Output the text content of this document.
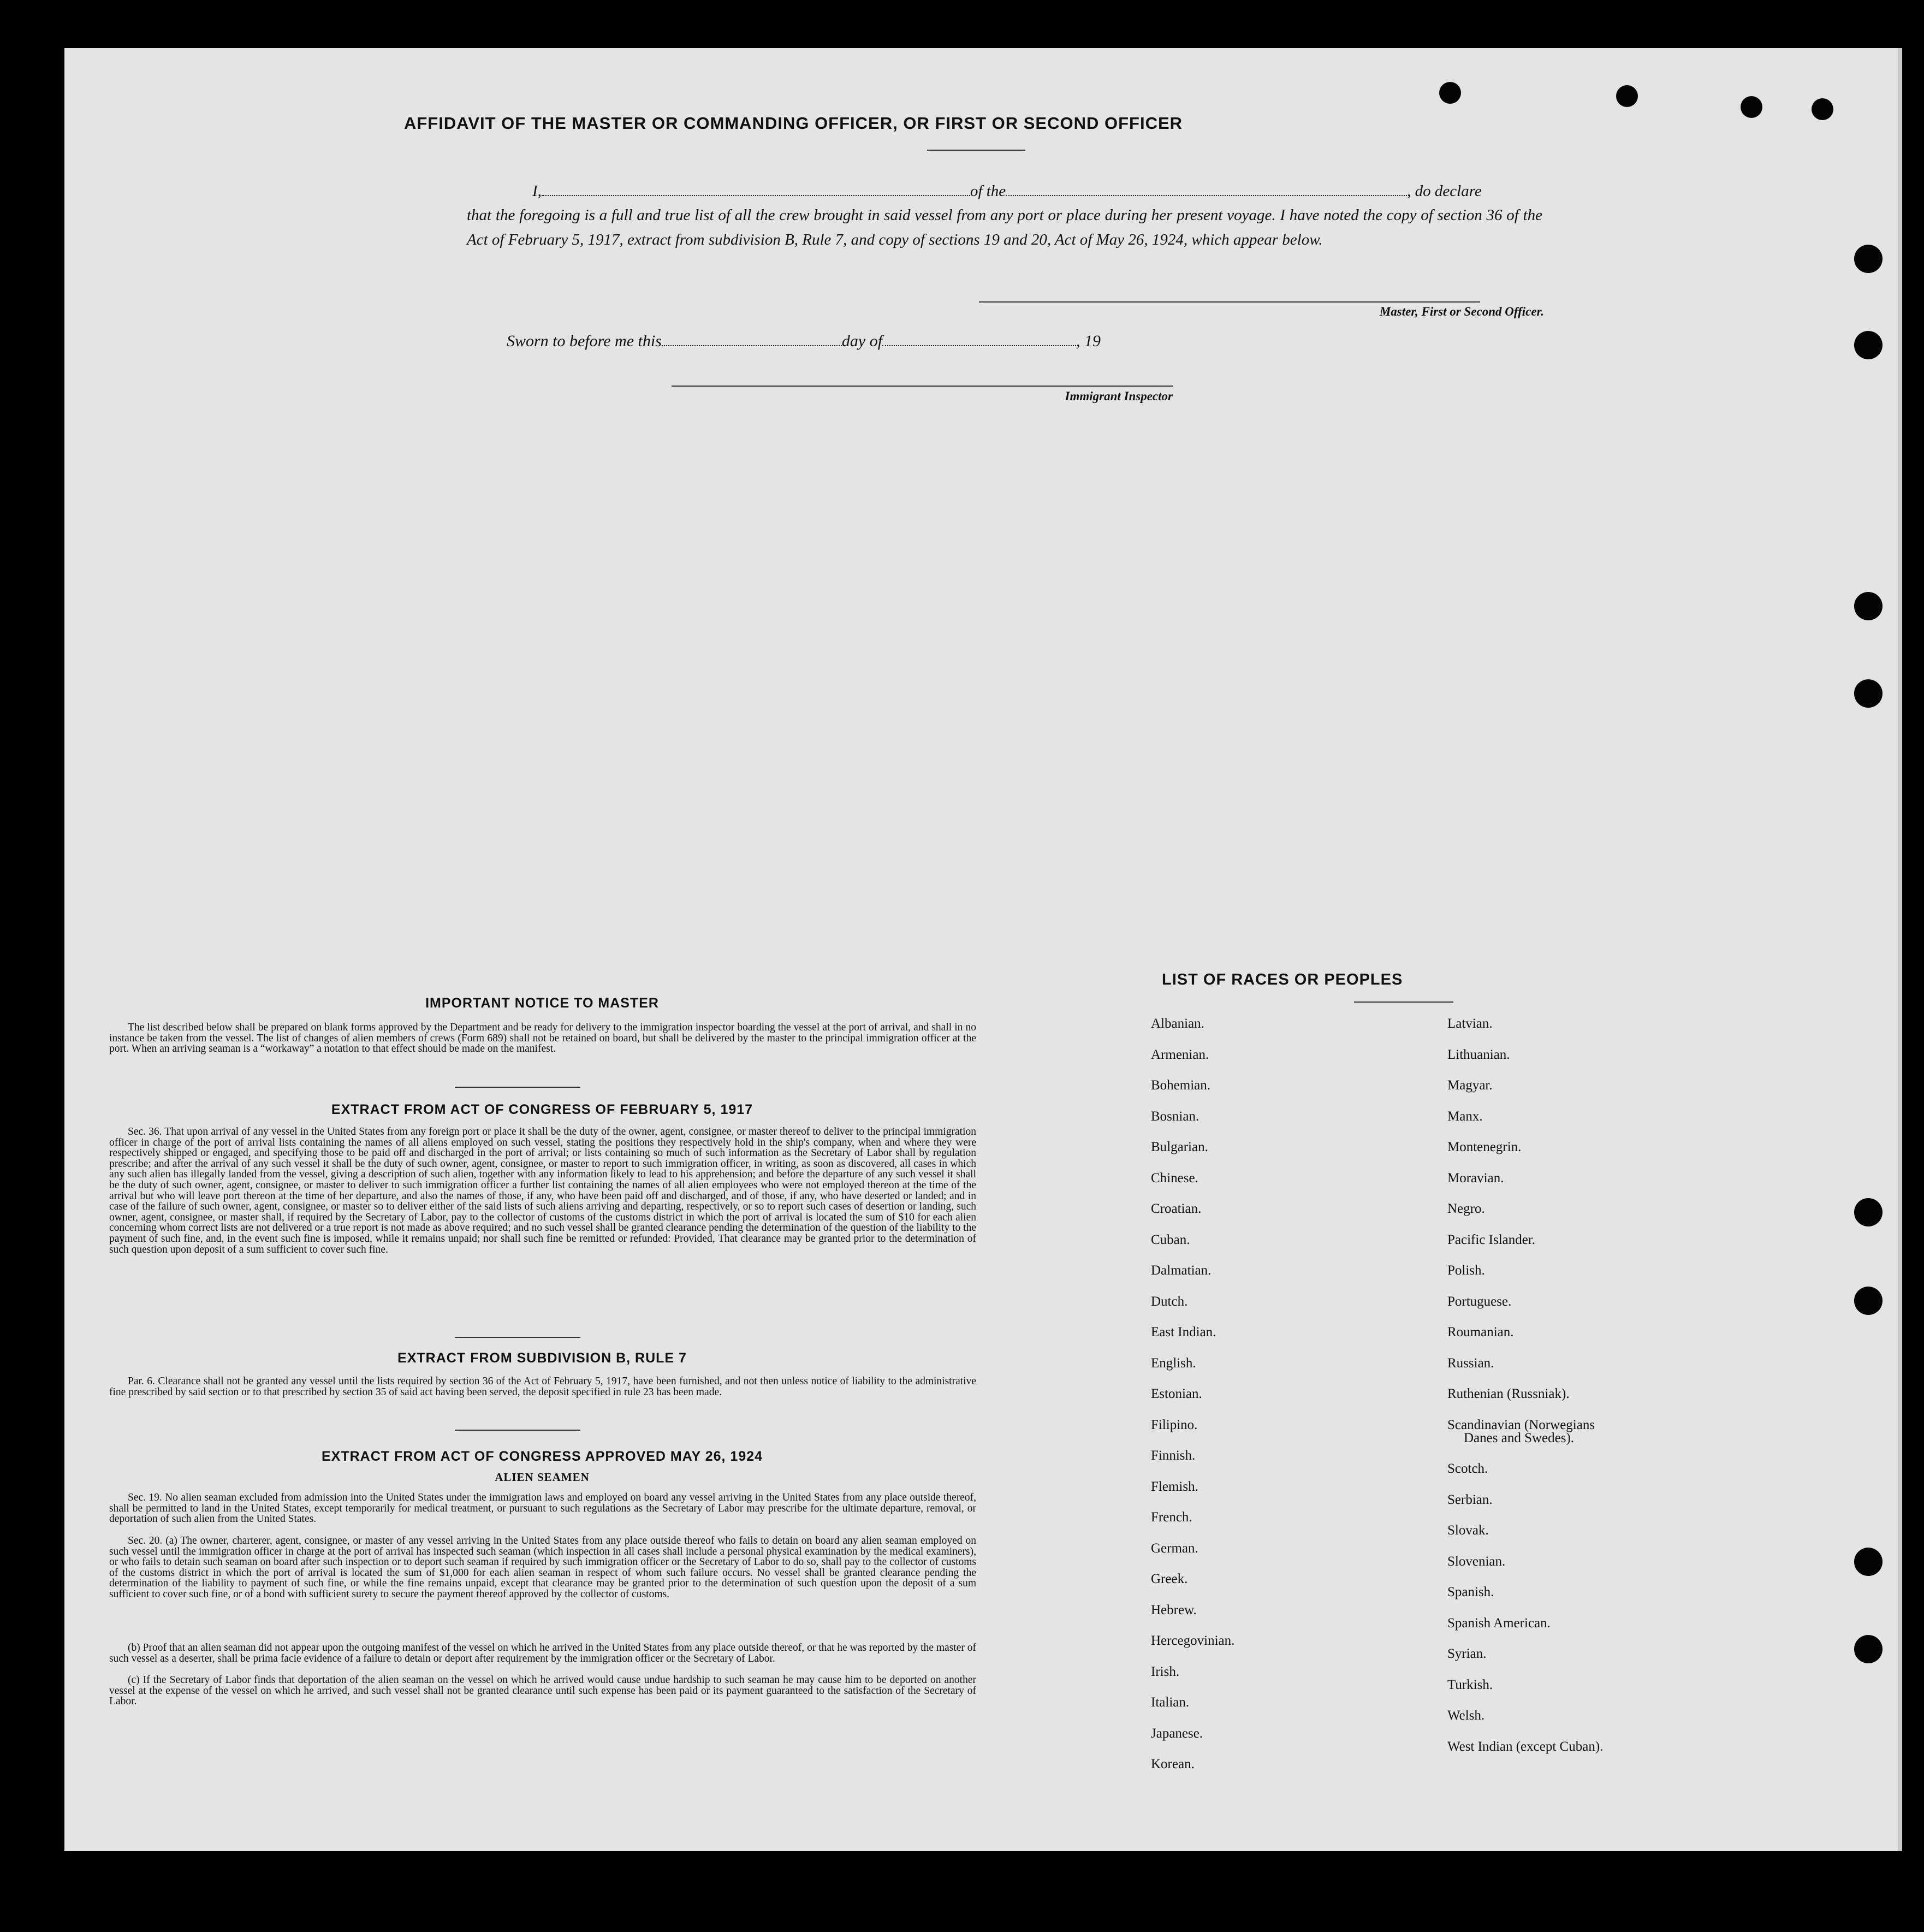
AFFIDAVIT OF THE MASTER OR COMMANDING OFFICER, OR FIRST OR SECOND OFFICER
I,	of the	, do declare
that the foregoing is a full and true list of all the crew brought in said vessel from any port or place during her present voyage. I have noted the copy of section 36 of the Act of February 5, 1917, extract from subdivision B, Rule 7, and copy of sections 19 and 20, Act of May 26, 1924, which appear below.
Master, First or Second Officer.
Sworn to before me this	day of	, 19
Immigrant Inspector
IMPORTANT NOTICE TO MASTER
The list described below shall be prepared on blank forms approved by the Department and be ready for delivery to the immigration inspector boarding the vessel at the port of arrival, and shall in no instance be taken from the vessel. The list of changes of alien members of crews (Form 689) shall not be retained on board, but shall be delivered by the master to the principal immigration officer at the port. When an arriving seaman is a “workaway” a notation to that effect should be made on the manifest.
EXTRACT FROM ACT OF CONGRESS OF FEBRUARY 5, 1917
Sec. 36. That upon arrival of any vessel in the United States from any foreign port or place it shall be the duty of the owner, agent, consignee, or master thereof to deliver to the principal immigration officer in charge of the port of arrival lists containing the names of all aliens employed on such vessel, stating the positions they respectively hold in the ship's company, when and where they were respectively shipped or engaged, and specifying those to be paid off and discharged in the port of arrival; or lists containing so much of such information as the Secretary of Labor shall by regulation prescribe; and after the arrival of any such vessel it shall be the duty of such owner, agent, consignee, or master to report to such immigration officer, in writing, as soon as discovered, all cases in which any such alien has illegally landed from the vessel, giving a description of such alien, together with any information likely to lead to his apprehension; and before the departure of any such vessel it shall be the duty of such owner, agent, consignee, or master to deliver to such immigration officer a further list containing the names of all alien employees who were not employed thereon at the time of the arrival but who will leave port thereon at the time of her departure, and also the names of those, if any, who have been paid off and discharged, and of those, if any, who have deserted or landed; and in case of the failure of such owner, agent, consignee, or master so to deliver either of the said lists of such aliens arriving and departing, respectively, or so to report such cases of desertion or landing, such owner, agent, consignee, or master shall, if required by the Secretary of Labor, pay to the collector of customs of the customs district in which the port of arrival is located the sum of $10 for each alien concerning whom correct lists are not delivered or a true report is not made as above required; and no such vessel shall be granted clearance pending the determination of the question of the liability to the payment of such fine, and, in the event such fine is imposed, while it remains unpaid; nor shall such fine be remitted or refunded: Provided, That clearance may be granted prior to the determination of such question upon deposit of a sum sufficient to cover such fine.
EXTRACT FROM SUBDIVISION B, RULE 7
Par. 6. Clearance shall not be granted any vessel until the lists required by section 36 of the Act of February 5, 1917, have been furnished, and not then unless notice of liability to the administrative fine prescribed by said section or to that prescribed by section 35 of said act having been served, the deposit specified in rule 23 has been made.
EXTRACT FROM ACT OF CONGRESS APPROVED MAY 26, 1924
ALIEN SEAMEN
Sec. 19. No alien seaman excluded from admission into the United States under the immigration laws and employed on board any vessel arriving in the United States from any place outside thereof, shall be permitted to land in the United States, except temporarily for medical treatment, or pursuant to such regulations as the Secretary of Labor may prescribe for the ultimate departure, removal, or deportation of such alien from the United States.
Sec. 20. (a) The owner, charterer, agent, consignee, or master of any vessel arriving in the United States from any place outside thereof who fails to detain on board any alien seaman employed on such vessel until the immigration officer in charge at the port of arrival has inspected such seaman (which inspection in all cases shall include a personal physical examination by the medical examiners), or who fails to detain such seaman on board after such inspection or to deport such seaman if required by such immigration officer or the Secretary of Labor to do so, shall pay to the collector of customs of the customs district in which the port of arrival is located the sum of $1,000 for each alien seaman in respect of whom such failure occurs. No vessel shall be granted clearance pending the determination of the liability to payment of such fine, or while the fine remains unpaid, except that clearance may be granted prior to the determination of such question upon the deposit of a sum sufficient to cover such fine, or of a bond with sufficient surety to secure the payment thereof approved by the collector of customs.
(b) Proof that an alien seaman did not appear upon the outgoing manifest of the vessel on which he arrived in the United States from any place outside thereof, or that he was reported by the master of such vessel as a deserter, shall be prima facie evidence of a failure to detain or deport after requirement by the immigration officer or the Secretary of Labor.
(c) If the Secretary of Labor finds that deportation of the alien seaman on the vessel on which he arrived would cause undue hardship to such seaman he may cause him to be deported on another vessel at the expense of the vessel on which he arrived, and such vessel shall not be granted clearance until such expense has been paid or its payment guaranteed to the satisfaction of the Secretary of Labor.
LIST OF RACES OR PEOPLES
Albanian.
Armenian.
Bohemian.
Bosnian.
Bulgarian.
Chinese.
Croatian.
Cuban.
Dalmatian.
Dutch.
East Indian.
English.
Estonian.
Filipino.
Finnish.
Flemish.
French.
German.
Greek.
Hebrew.
Hercegovinian.
Irish.
Italian.
Japanese.
Korean.
Latvian.
Lithuanian.
Magyar.
Manx.
Montenegrin.
Moravian.
Negro.
Pacific Islander.
Polish.
Portuguese.
Roumanian.
Russian.
Ruthenian (Russniak).
Scandinavian (Norwegians
Danes and Swedes).
Scotch.
Serbian.
Slovak.
Slovenian.
Spanish.
Spanish American.
Syrian.
Turkish.
Welsh.
West Indian (except Cuban).
